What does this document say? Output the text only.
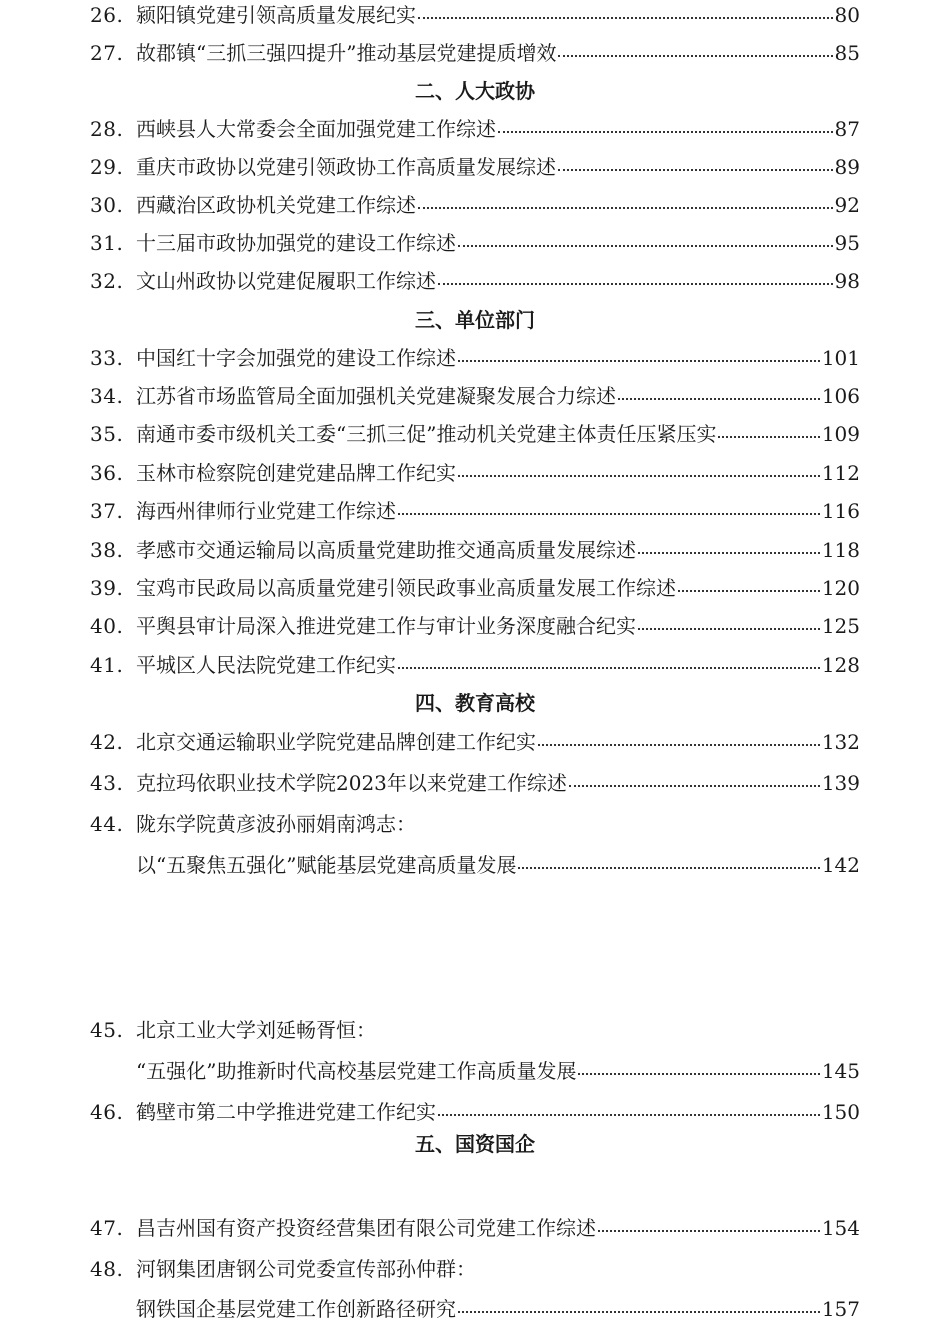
26. 颍阳镇党建引领高质量发展纪实	80
27. 故郡镇“三抓三强四提升”推动基层党建提质增效	85
二、人大政协
28. 西峡县人大常委会全面加强党建工作综述	87
29. 重庆市政协以党建引领政协工作高质量发展综述	89
30. 西藏治区政协机关党建工作综述	92
31. 十三届市政协加强党的建设工作综述	95
32. 文山州政协以党建促履职工作综述	98
三、单位部门
33. 中国红十字会加强党的建设工作综述	101
34. 江苏省市场监管局全面加强机关党建凝聚发展合力综述	106
35. 南通市委市级机关工委“三抓三促”推动机关党建主体责任压紧压实	109
36. 玉林市检察院创建党建品牌工作纪实	112
37. 海西州律师行业党建工作综述	116
38. 孝感市交通运输局以高质量党建助推交通高质量发展综述	118
39. 宝鸡市民政局以高质量党建引领民政事业高质量发展工作综述	120
40. 平舆县审计局深入推进党建工作与审计业务深度融合纪实	125
41. 平城区人民法院党建工作纪实	128
四、教育高校
42. 北京交通运输职业学院党建品牌创建工作纪实	132
43. 克拉玛依职业技术学院2023年以来党建工作综述	139
44. 陇东学院黄彦波孙丽娟南鸿志：
以“五聚焦五强化”赋能基层党建高质量发展	142
45. 北京工业大学刘延畅胥恒：
“五强化”助推新时代高校基层党建工作高质量发展	145
46. 鹤壁市第二中学推进党建工作纪实	150
五、国资国企
47. 昌吉州国有资产投资经营集团有限公司党建工作综述	154
48. 河钢集团唐钢公司党委宣传部孙仲群：
钢铁国企基层党建工作创新路径研究	157
